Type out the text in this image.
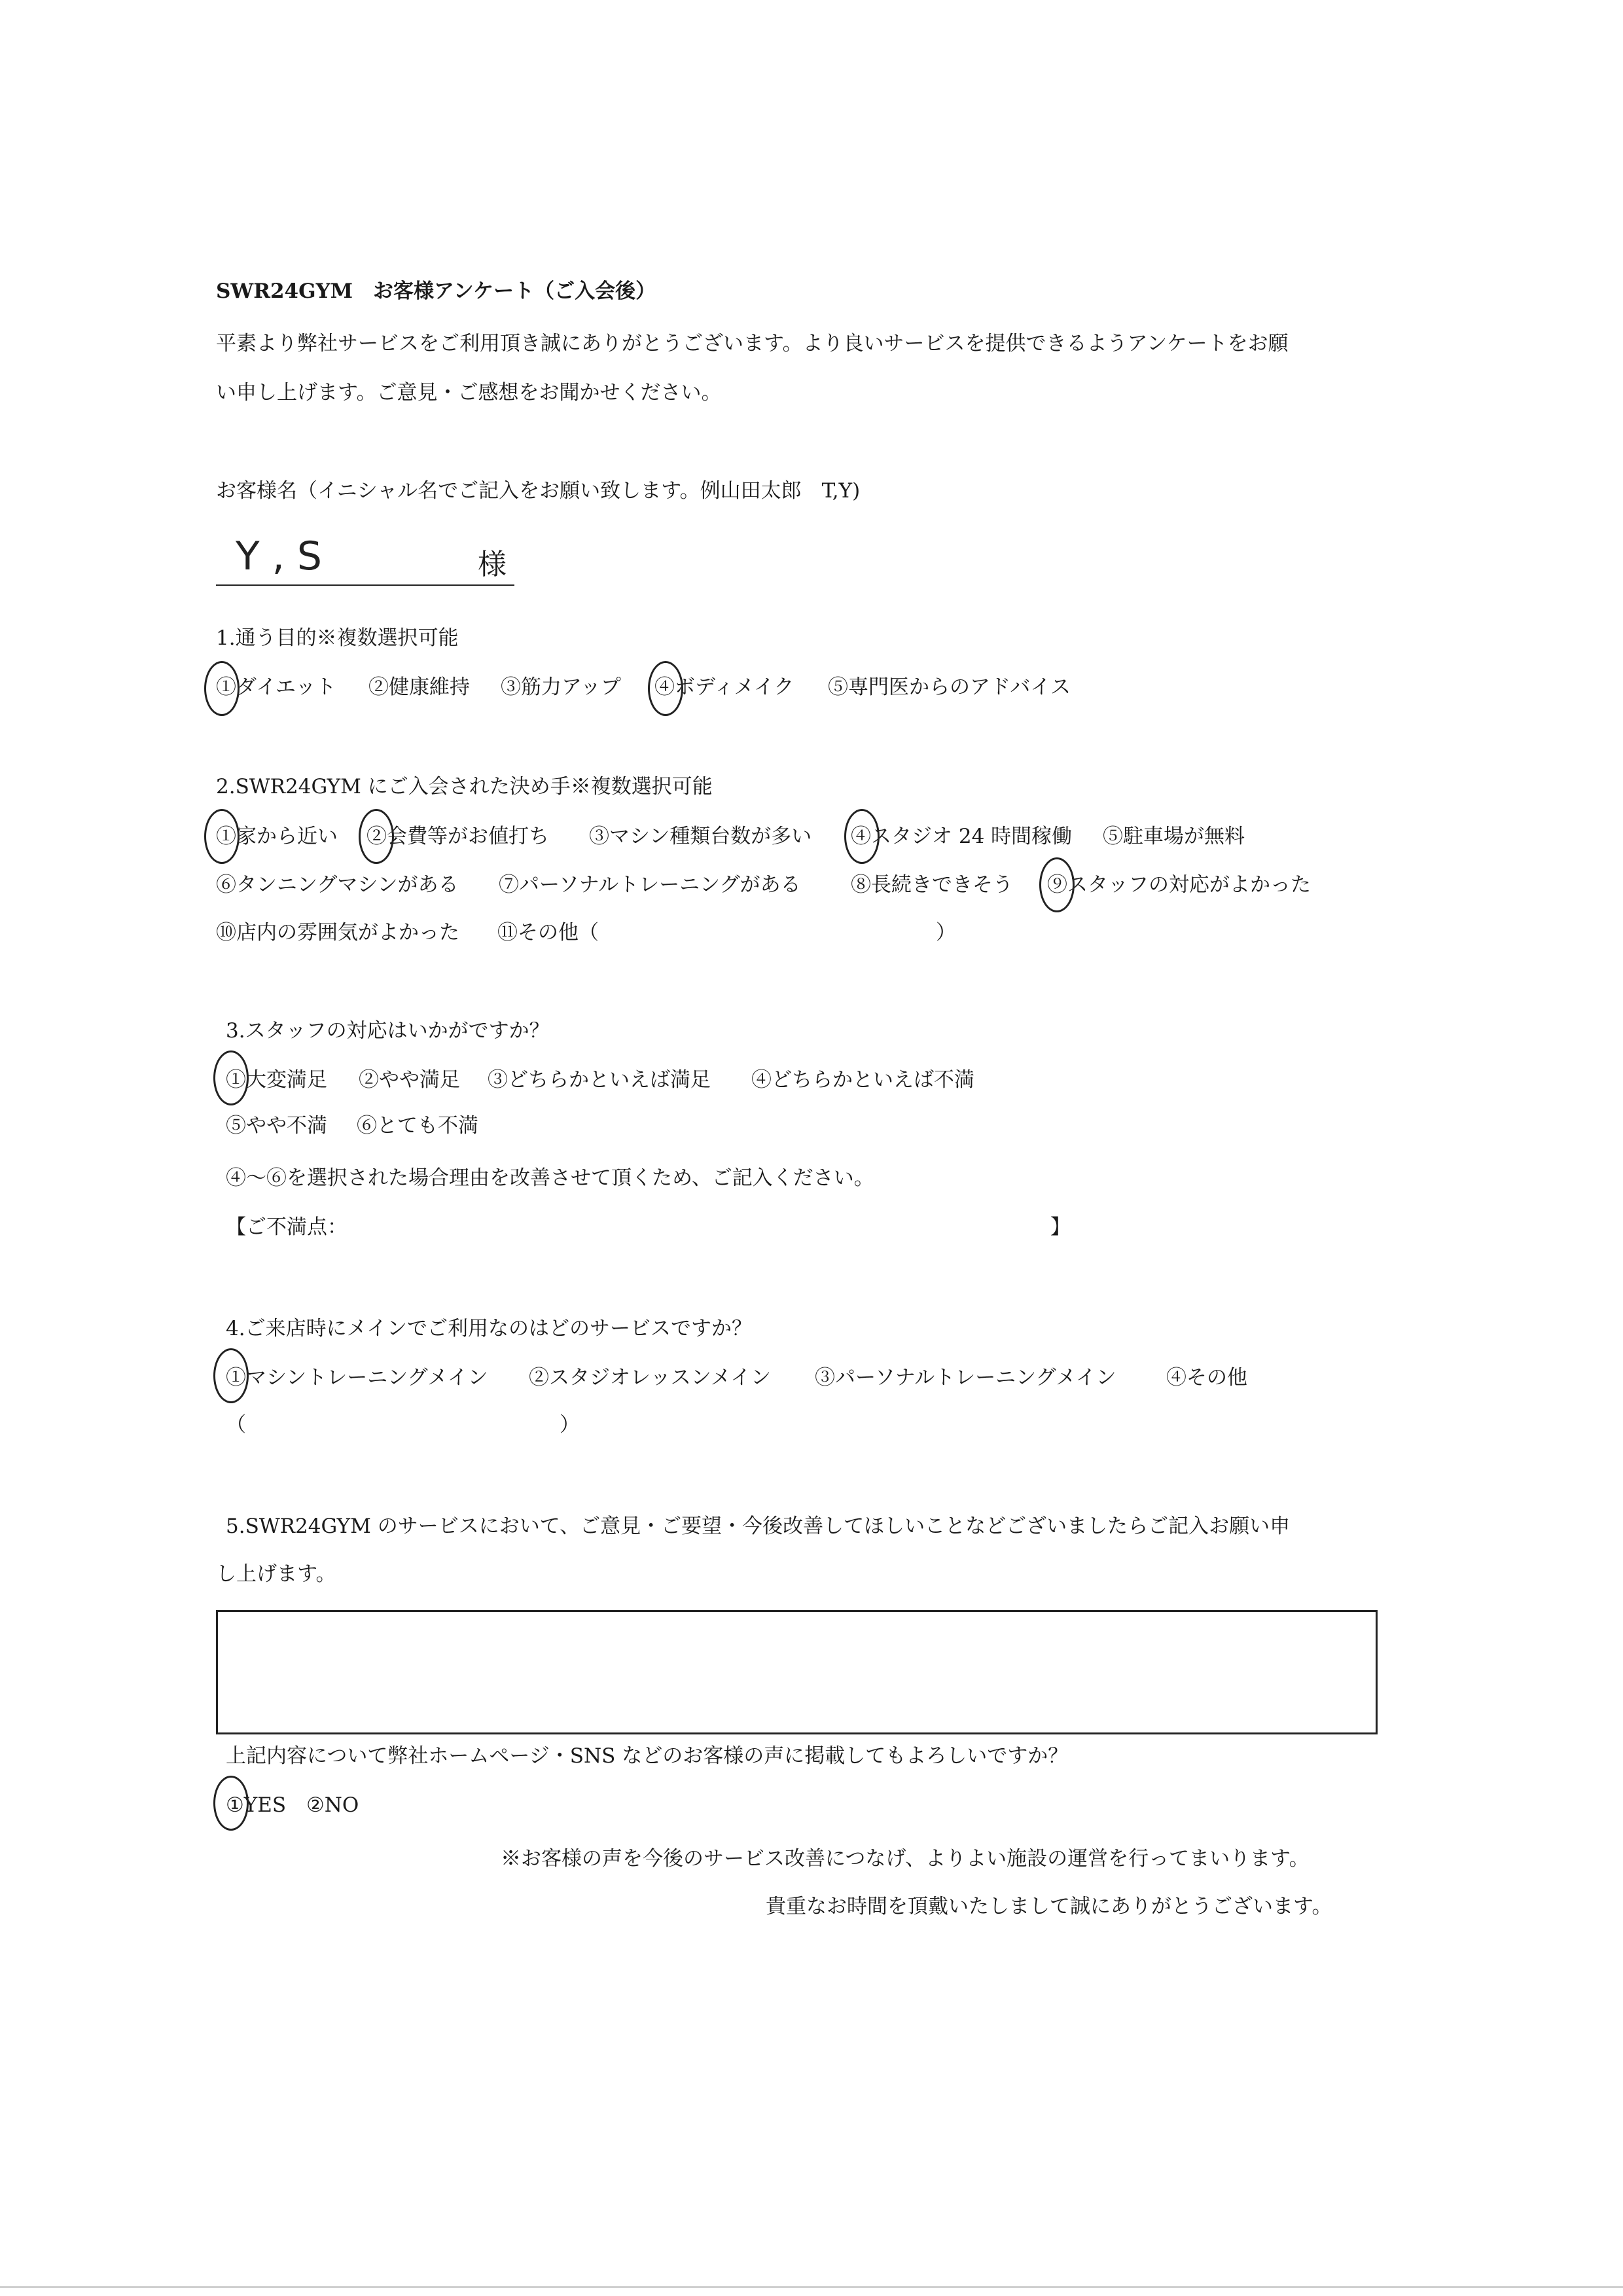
SWR24GYM　お客様アンケート（ご入会後）
平素より弊社サービスをご利用頂き誠にありがとうございます。より良いサービスを提供できるようアンケートをお願
い申し上げます。ご意見・ご感想をお聞かせください。
お客様名（イニシャル名でご記入をお願い致します。例山田太郎　T,Y)
Y , S	様
1.通う目的※複数選択可能
①ダイエット ②健康維持 ③筋力アップ ④ボディメイク ⑤専門医からのアドバイス
2.SWR24GYM にご入会された決め手※複数選択可能
①家から近い ②会費等がお値打ち ③マシン種類台数が多い ④スタジオ 24 時間稼働 ⑤駐車場が無料
⑥タンニングマシンがある ⑦パーソナルトレーニングがある ⑧長続きできそう ⑨スタッフの対応がよかった
⑩店内の雰囲気がよかった ⑪その他（	）
3.スタッフの対応はいかがですか？
①大変満足 ②やや満足 ③どちらかといえば満足 ④どちらかといえば不満
⑤やや不満 ⑥とても不満
④～⑥を選択された場合理由を改善させて頂くため、ご記入ください。
【ご不満点：	】
4.ご来店時にメインでご利用なのはどのサービスですか？
①マシントレーニングメイン ②スタジオレッスンメイン ③パーソナルトレーニングメイン ④その他
（	）
5.SWR24GYM のサービスにおいて、ご意見・ご要望・今後改善してほしいことなどございましたらご記入お願い申
し上げます。
上記内容について弊社ホームページ・SNS などのお客様の声に掲載してもよろしいですか？
①YES ②NO
※お客様の声を今後のサービス改善につなげ、よりよい施設の運営を行ってまいります。
貴重なお時間を頂戴いたしまして誠にありがとうございます。
